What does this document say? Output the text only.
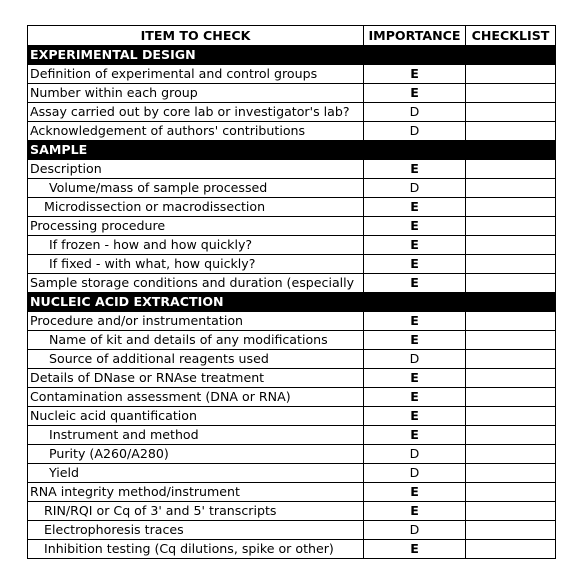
ITEM TO CHECK	IMPORTANCE	CHECKLIST
EXPERIMENTAL DESIGN		
Definition of experimental and control groups	E	
Number within each group	E	
Assay carried out by core lab or investigator's lab?	D	
Acknowledgement of authors' contributions	D	
SAMPLE		
Description	E	
Volume/mass of sample processed	D	
Microdissection or macrodissection	E	
Processing procedure	E	
If frozen - how and how quickly?	E	
If fixed - with what, how quickly?	E	
Sample storage conditions and duration (especially	E	
NUCLEIC ACID EXTRACTION		
Procedure and/or instrumentation	E	
Name of kit and details of any modifications	E	
Source of additional reagents used	D	
Details of DNase or RNAse treatment	E	
Contamination assessment (DNA or RNA)	E	
Nucleic acid quantification	E	
Instrument and method	E	
Purity (A260/A280)	D	
Yield	D	
RNA integrity method/instrument	E	
RIN/RQI or Cq of 3' and 5' transcripts	E	
Electrophoresis traces	D	
Inhibition testing (Cq dilutions, spike or other)	E	
